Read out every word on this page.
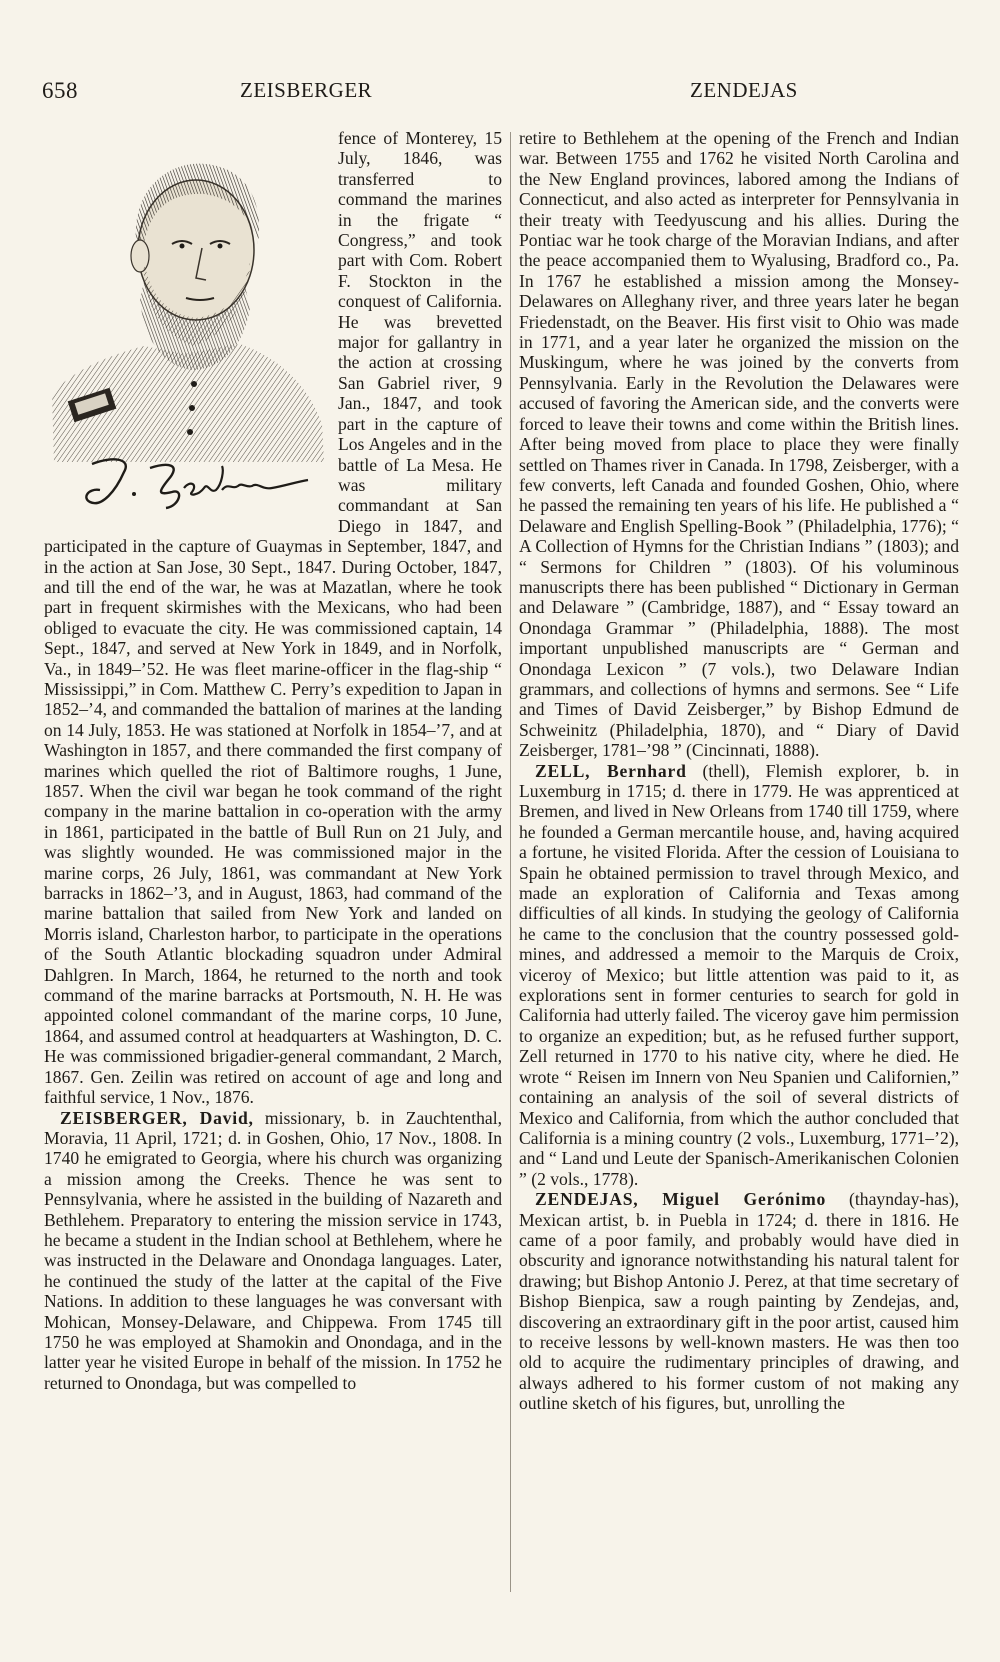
658	ZEISBERGER	ZENDEJAS

fence of Monterey, 15 July, 1846, was transferred to command the marines in the frigate “ Congress,” and took part with Com. Robert F. Stockton in the conquest of California. He was brevetted major for gallantry in the action at crossing San Gabriel river, 9 Jan., 1847, and took part in the capture of Los Angeles and in the battle of La Mesa. He was military commandant at San Diego in 1847, and participated in the capture of Guaymas in September, 1847, and in the action at San Jose, 30 Sept., 1847. During October, 1847, and till the end of the war, he was at Mazatlan, where he took part in frequent skirmishes with the Mexicans, who had been obliged to evacuate the city. He was commissioned captain, 14 Sept., 1847, and served at New York in 1849, and in Norfolk, Va., in 1849–’52. He was fleet marine-officer in the flag-ship “ Mississippi,” in Com. Matthew C. Perry’s expedition to Japan in 1852–’4, and commanded the battalion of marines at the landing on 14 July, 1853. He was stationed at Norfolk in 1854–’7, and at Washington in 1857, and there commanded the first company of marines which quelled the riot of Baltimore roughs, 1 June, 1857. When the civil war began he took command of the right company in the marine battalion in co-operation with the army in 1861, participated in the battle of Bull Run on 21 July, and was slightly wounded. He was commissioned major in the marine corps, 26 July, 1861, was commandant at New York barracks in 1862–’3, and in August, 1863, had command of the marine battalion that sailed from New York and landed on Morris island, Charleston harbor, to participate in the operations of the South Atlantic blockading squadron under Admiral Dahlgren. In March, 1864, he returned to the north and took command of the marine barracks at Portsmouth, N. H. He was appointed colonel commandant of the marine corps, 10 June, 1864, and assumed control at headquarters at Washington, D. C. He was commissioned brigadier-general commandant, 2 March, 1867. Gen. Zeilin was retired on account of age and long and faithful service, 1 Nov., 1876.

ZEISBERGER, David, missionary, b. in Zauchtenthal, Moravia, 11 April, 1721; d. in Goshen, Ohio, 17 Nov., 1808. In 1740 he emigrated to Georgia, where his church was organizing a mission among the Creeks. Thence he was sent to Pennsylvania, where he assisted in the building of Nazareth and Bethlehem. Preparatory to entering the mission service in 1743, he became a student in the Indian school at Bethlehem, where he was instructed in the Delaware and Onondaga languages. Later, he continued the study of the latter at the capital of the Five Nations. In addition to these languages he was conversant with Mohican, Monsey-Delaware, and Chippewa. From 1745 till 1750 he was employed at Shamokin and Onondaga, and in the latter year he visited Europe in behalf of the mission. In 1752 he returned to Onondaga, but was compelled to

retire to Bethlehem at the opening of the French and Indian war. Between 1755 and 1762 he visited North Carolina and the New England provinces, labored among the Indians of Connecticut, and also acted as interpreter for Pennsylvania in their treaty with Teedyuscung and his allies. During the Pontiac war he took charge of the Moravian Indians, and after the peace accompanied them to Wyalusing, Bradford co., Pa. In 1767 he established a mission among the Monsey-Delawares on Alleghany river, and three years later he began Friedenstadt, on the Beaver. His first visit to Ohio was made in 1771, and a year later he organized the mission on the Muskingum, where he was joined by the converts from Pennsylvania. Early in the Revolution the Delawares were accused of favoring the American side, and the converts were forced to leave their towns and come within the British lines. After being moved from place to place they were finally settled on Thames river in Canada. In 1798, Zeisberger, with a few converts, left Canada and founded Goshen, Ohio, where he passed the remaining ten years of his life. He published a “ Delaware and English Spelling-Book ” (Philadelphia, 1776); “ A Collection of Hymns for the Christian Indians ” (1803); and “ Sermons for Children ” (1803). Of his voluminous manuscripts there has been published “ Dictionary in German and Delaware ” (Cambridge, 1887), and “ Essay toward an Onondaga Grammar ” (Philadelphia, 1888). The most important unpublished manuscripts are “ German and Onondaga Lexicon ” (7 vols.), two Delaware Indian grammars, and collections of hymns and sermons. See “ Life and Times of David Zeisberger,” by Bishop Edmund de Schweinitz (Philadelphia, 1870), and “ Diary of David Zeisberger, 1781–’98 ” (Cincinnati, 1888).

ZELL, Bernhard (thell), Flemish explorer, b. in Luxemburg in 1715; d. there in 1779. He was apprenticed at Bremen, and lived in New Orleans from 1740 till 1759, where he founded a German mercantile house, and, having acquired a fortune, he visited Florida. After the cession of Louisiana to Spain he obtained permission to travel through Mexico, and made an exploration of California and Texas among difficulties of all kinds. In studying the geology of California he came to the conclusion that the country possessed gold-mines, and addressed a memoir to the Marquis de Croix, viceroy of Mexico; but little attention was paid to it, as explorations sent in former centuries to search for gold in California had utterly failed. The viceroy gave him permission to organize an expedition; but, as he refused further support, Zell returned in 1770 to his native city, where he died. He wrote “ Reisen im Innern von Neu Spanien und Californien,” containing an analysis of the soil of several districts of Mexico and California, from which the author concluded that California is a mining country (2 vols., Luxemburg, 1771–’2), and “ Land und Leute der Spanisch-Amerikanischen Colonien ” (2 vols., 1778).

ZENDEJAS, Miguel Gerónimo (thaynday-has), Mexican artist, b. in Puebla in 1724; d. there in 1816. He came of a poor family, and probably would have died in obscurity and ignorance notwithstanding his natural talent for drawing; but Bishop Antonio J. Perez, at that time secretary of Bishop Bienpica, saw a rough painting by Zendejas, and, discovering an extraordinary gift in the poor artist, caused him to receive lessons by well-known masters. He was then too old to acquire the rudimentary principles of drawing, and always adhered to his former custom of not making any outline sketch of his figures, but, unrolling the
